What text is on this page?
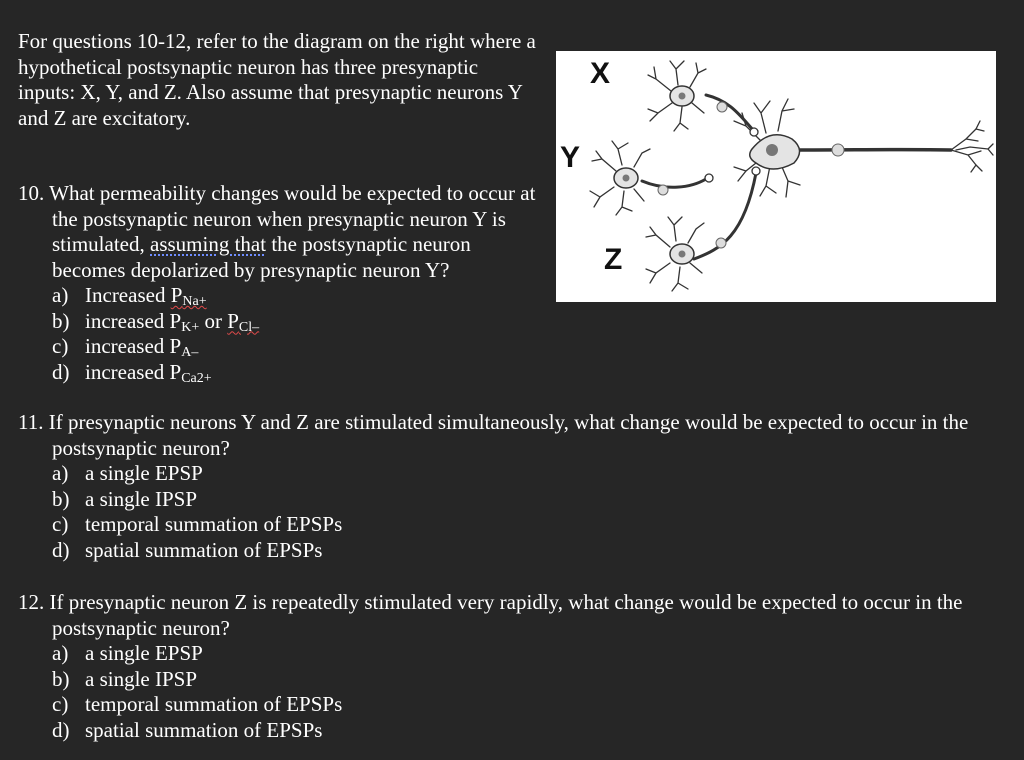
For questions 10-12, refer to the diagram on the right where a hypothetical postsynaptic neuron has three presynaptic inputs: X, Y, and Z. Also assume that presynaptic neurons Y and Z are excitatory.

10. What permeability changes would be expected to occur at the postsynaptic neuron when presynaptic neuron Y is stimulated, assuming that the postsynaptic neuron becomes depolarized by presynaptic neuron Y?
a) Increased $P_{Na+}$
b) increased $P_{K+}$ or $P_{Cl-}$
c) increased $P_{A-}$
d) increased $P_{Ca2+}$
11. If presynaptic neurons Y and Z are stimulated simultaneously, what change would be expected to occur in the postsynaptic neuron?
a) a single EPSP
b) a single IPSP
c) temporal summation of EPSPs
d) spatial summation of EPSPs
12. If presynaptic neuron Z is repeatedly stimulated very rapidly, what change would be expected to occur in the postsynaptic neuron?
a) a single EPSP
b) a single IPSP
c) temporal summation of EPSPs
d) spatial summation of EPSPs
X
Y
Z
